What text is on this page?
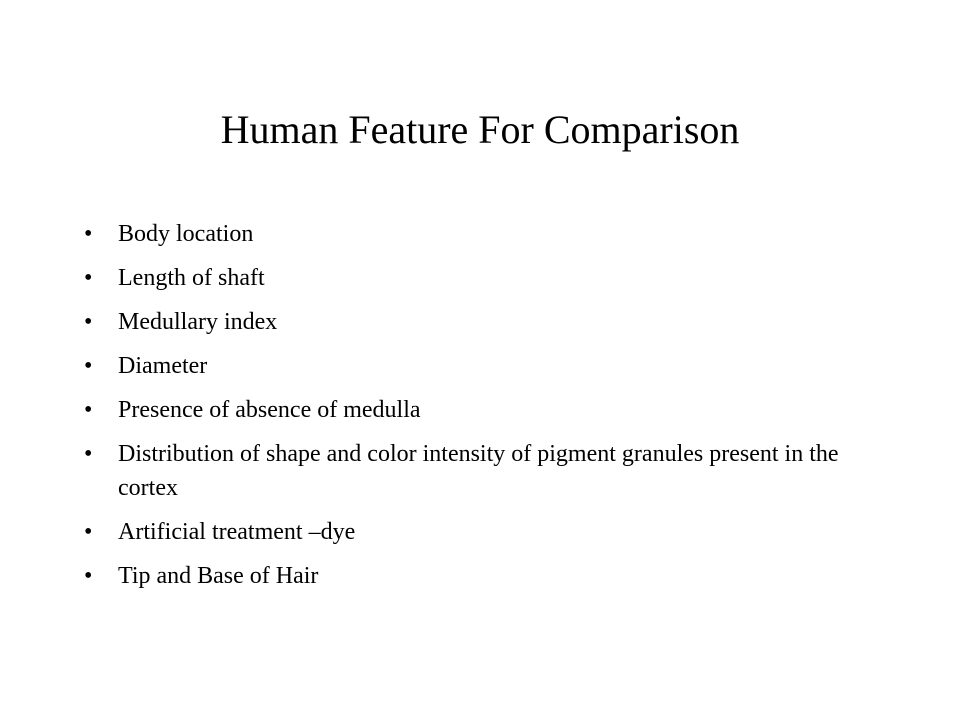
Human Feature For Comparison
• Body location
• Length of shaft
• Medullary index
• Diameter
• Presence of absence of medulla
• Distribution of shape and color intensity of pigment granules present in the cortex
• Artificial treatment –dye
• Tip and Base of Hair
